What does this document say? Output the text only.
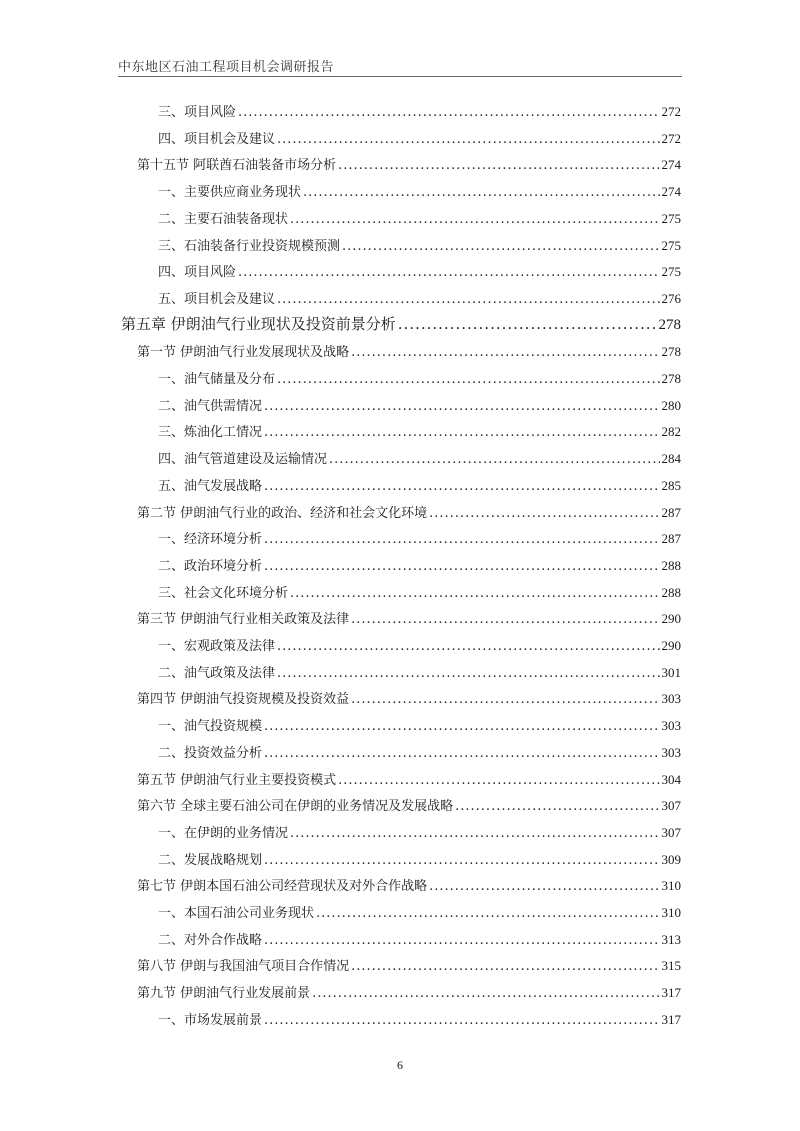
中东地区石油工程项目机会调研报告
三、项目风险 .....	272
四、项目机会及建议 .....	272
第十五节 阿联酋石油装备市场分析 .....	274
一、主要供应商业务现状 .....	274
二、主要石油装备现状 .....	275
三、石油装备行业投资规模预测 .....	275
四、项目风险 .....	275
五、项目机会及建议 .....	276
第五章 伊朗油气行业现状及投资前景分析 .....	278
第一节 伊朗油气行业发展现状及战略 .....	278
一、油气储量及分布 .....	278
二、油气供需情况 .....	280
三、炼油化工情况 .....	282
四、油气管道建设及运输情况 .....	284
五、油气发展战略 .....	285
第二节 伊朗油气行业的政治、经济和社会文化环境 .....	287
一、经济环境分析 .....	287
二、政治环境分析 .....	288
三、社会文化环境分析 .....	288
第三节 伊朗油气行业相关政策及法律 .....	290
一、宏观政策及法律 .....	290
二、油气政策及法律 .....	301
第四节 伊朗油气投资规模及投资效益 .....	303
一、油气投资规模 .....	303
二、投资效益分析 .....	303
第五节 伊朗油气行业主要投资模式 .....	304
第六节 全球主要石油公司在伊朗的业务情况及发展战略 .....	307
一、在伊朗的业务情况 .....	307
二、发展战略规划 .....	309
第七节 伊朗本国石油公司经营现状及对外合作战略 .....	310
一、本国石油公司业务现状 .....	310
二、对外合作战略 .....	313
第八节 伊朗与我国油气项目合作情况 .....	315
第九节 伊朗油气行业发展前景 .....	317
一、市场发展前景 .....	317
6
